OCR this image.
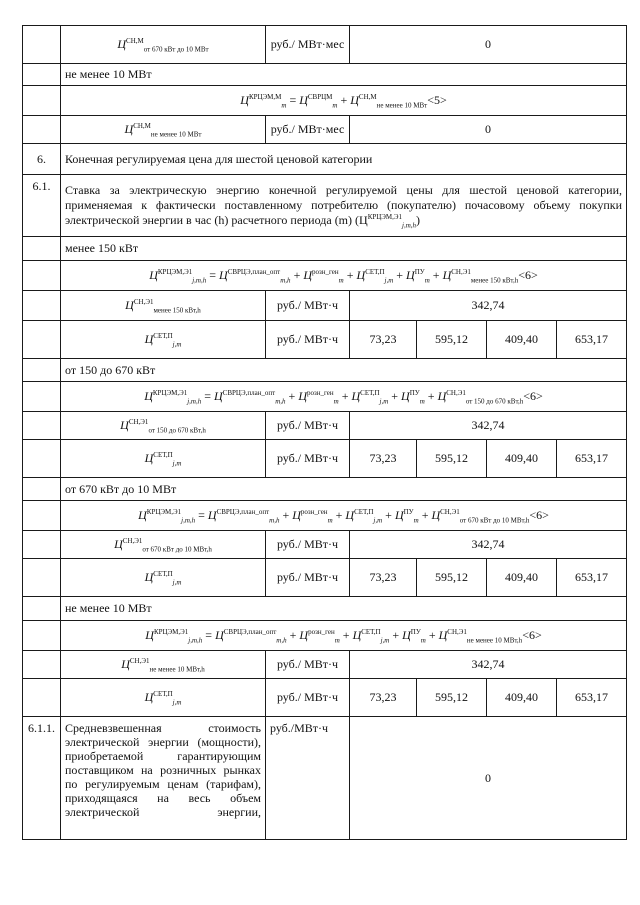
	$Ц^{СН,М}_{от 670 кВт до 10 МВт}$	руб./ МВт·мес	0			
	не менее 10 МВт					
	$Ц^{КРЦЭМ,М}_m = Ц^{СВРЦМ}_m + Ц^{СН,М}_{не менее 10 МВт}<5>$					
	$Ц^{СН,М}_{не менее 10 МВт}$	руб./ МВт·мес	0			
6.	Конечная регулируемая цена для шестой ценовой категории					
6.1.	Ставка за электрическую энергию конечной регулируемой цены для шестой ценовой категории, применяемая к фактически поставленному потребителю (покупателю) почасовому объему покупки электрической энергии в час (h) расчетного периода (m) $(Ц^{КРЦЭМ,Э1}_{j,m,h})$					
	менее 150 кВт					
	$Ц^{КРЦЭМ,Э1}_{j,m,h} = Ц^{СВРЦЭ,план\_опт}_{m,h} + Ц^{розн\_ген}_m + Ц^{СЕТ,П}_{j,m} + Ц^{ПУ}_m + Ц^{СН,Э1}_{менее 150 кВт,h}<6>$					
	$Ц^{СН,Э1}_{менее 150 кВт,h}$	руб./ МВт·ч	342,74			
	$Ц^{СЕТ,П}_{j,m}$	руб./ МВт·ч	73,23	595,12	409,40	653,17
	от 150 до 670 кВт					
	$Ц^{КРЦЭМ,Э1}_{j,m,h} = Ц^{СВРЦЭ,план\_опт}_{m,h} + Ц^{розн\_ген}_m + Ц^{СЕТ,П}_{j,m} + Ц^{ПУ}_m + Ц^{СН,Э1}_{от 150 до 670 кВт,h}<6>$					
	$Ц^{СН,Э1}_{от 150 до 670 кВт,h}$	руб./ МВт·ч	342,74			
	$Ц^{СЕТ,П}_{j,m}$	руб./ МВт·ч	73,23	595,12	409,40	653,17
	от 670 кВт до 10 МВт					
	$Ц^{КРЦЭМ,Э1}_{j,m,h} = Ц^{СВРЦЭ,план\_опт}_{m,h} + Ц^{розн\_ген}_m + Ц^{СЕТ,П}_{j,m} + Ц^{ПУ}_m + Ц^{СН,Э1}_{от 670 кВт до 10 МВт,h}<6>$					
	$Ц^{СН,Э1}_{от 670 кВт до 10 МВт,h}$	руб./ МВт·ч	342,74			
	$Ц^{СЕТ,П}_{j,m}$	руб./ МВт·ч	73,23	595,12	409,40	653,17
	не менее 10 МВт					
	$Ц^{КРЦЭМ,Э1}_{j,m,h} = Ц^{СВРЦЭ,план\_опт}_{m,h} + Ц^{розн\_ген}_m + Ц^{СЕТ,П}_{j,m} + Ц^{ПУ}_m + Ц^{СН,Э1}_{не менее 10 МВт,h}<6>$					
	$Ц^{СН,Э1}_{не менее 10 МВт,h}$	руб./ МВт·ч	342,74			
	$Ц^{СЕТ,П}_{j,m}$	руб./ МВт·ч	73,23	595,12	409,40	653,17
6.1.1.	Средневзвешенная стоимость электрической энергии (мощности), приобретаемой гарантирующим поставщиком на розничных рынках по регулируемым ценам (тарифам), приходящаяся на весь объем электрической энергии,	руб./МВт·ч	0			
